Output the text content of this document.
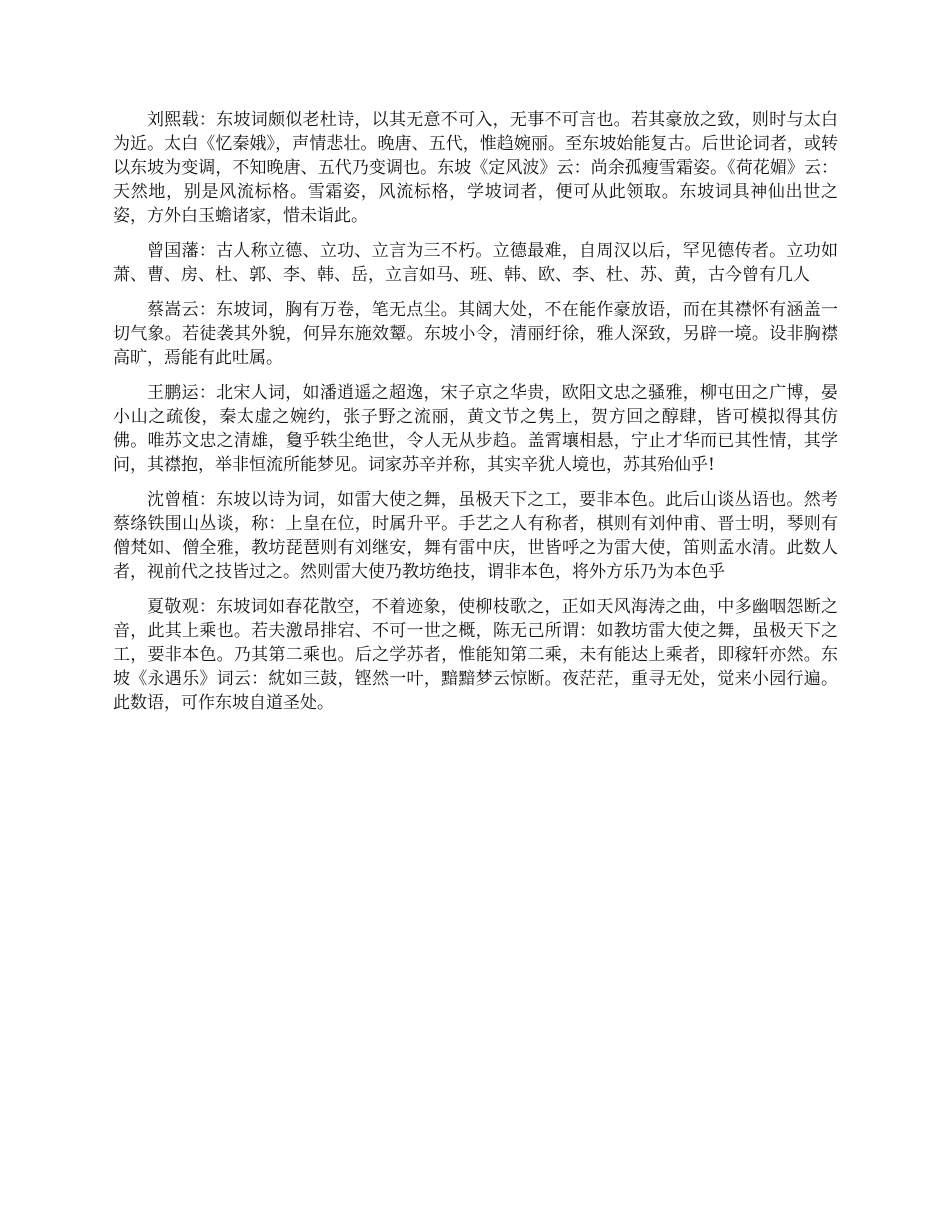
刘熙载：东坡词颇似老杜诗，以其无意不可入，无事不可言也。若其豪放之致，则时与太白为近。太白《忆秦娥》，声情悲壮。晚唐、五代，惟趋婉丽。至东坡始能复古。后世论词者，或转以东坡为变调，不知晚唐、五代乃变调也。东坡《定风波》云：尚余孤瘦雪霜姿。《荷花媚》云：天然地，别是风流标格。雪霜姿，风流标格，学坡词者，便可从此领取。东坡词具神仙出世之姿，方外白玉蟾诸家，惜未诣此。

曾国藩：古人称立德、立功、立言为三不朽。立德最难，自周汉以后，罕见德传者。立功如萧、曹、房、杜、郭、李、韩、岳，立言如马、班、韩、欧、李、杜、苏、黄，古今曾有几人

蔡嵩云：东坡词，胸有万卷，笔无点尘。其阔大处，不在能作豪放语，而在其襟怀有涵盖一切气象。若徒袭其外貌，何异东施效颦。东坡小令，清丽纡徐，雅人深致，另辟一境。设非胸襟高旷，焉能有此吐属。

王鹏运：北宋人词，如潘逍遥之超逸，宋子京之华贵，欧阳文忠之骚雅，柳屯田之广博，晏小山之疏俊，秦太虚之婉约，张子野之流丽，黄文节之隽上，贺方回之醇肆，皆可模拟得其仿佛。唯苏文忠之清雄，敻乎轶尘绝世，令人无从步趋。盖霄壤相悬，宁止才华而已其性情，其学问，其襟抱，举非恒流所能梦见。词家苏辛并称，其实辛犹人境也，苏其殆仙乎!

沈曾植：东坡以诗为词，如雷大使之舞，虽极天下之工，要非本色。此后山谈丛语也。然考蔡绦铁围山丛谈，称：上皇在位，时属升平。手艺之人有称者，棋则有刘仲甫、晋士明，琴则有僧梵如、僧全雅，教坊琵琶则有刘继安，舞有雷中庆，世皆呼之为雷大使，笛则孟水清。此数人者，视前代之技皆过之。然则雷大使乃教坊绝技，谓非本色，将外方乐乃为本色乎

夏敬观：东坡词如春花散空，不着迹象，使柳枝歌之，正如天风海涛之曲，中多幽咽怨断之音，此其上乘也。若夫激昂排宕、不可一世之概，陈无己所谓：如教坊雷大使之舞，虽极天下之工，要非本色。乃其第二乘也。后之学苏者，惟能知第二乘，未有能达上乘者，即稼轩亦然。东坡《永遇乐》词云：紞如三鼓，铿然一叶，黯黯梦云惊断。夜茫茫，重寻无处，觉来小园行遍。此数语，可作东坡自道圣处。
